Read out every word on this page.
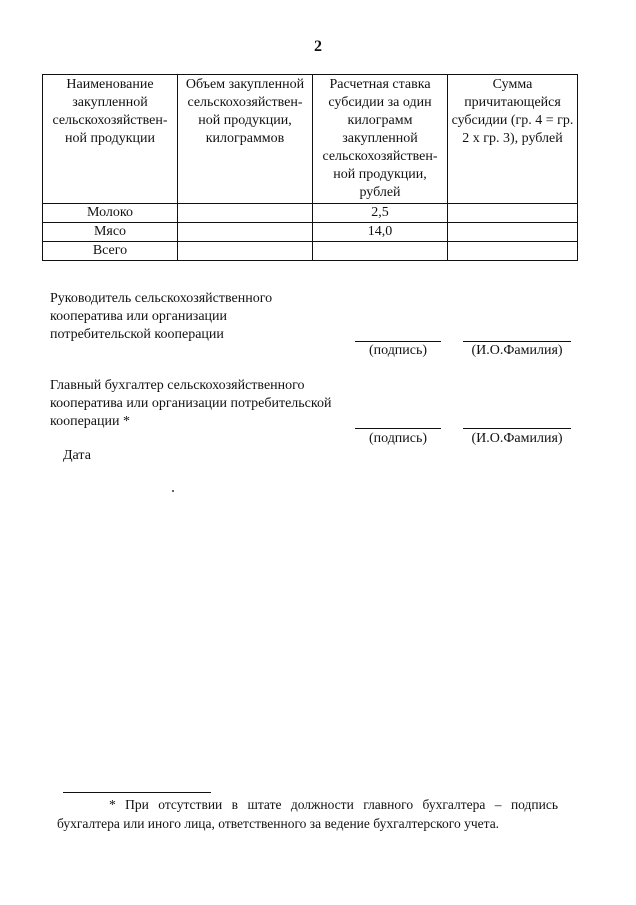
2
Наименование закупленной сельскохозяйствен-ной продукции	Объем закупленной сельскохозяйствен-ной продукции, килограммов	Расчетная ставка субсидии за один килограмм закупленной сельскохозяйствен-ной продукции, рублей	Сумма причитающейся субсидии (гр. 4 = гр. 2 х гр. 3), рублей
Молоко		2,5	
Мясо		14,0	
Всего			
Руководитель сельскохозяйственного кооператива или организации потребительской кооперации
(подпись)	(И.О.Фамилия)
Главный бухгалтер сельскохозяйственного кооператива или организации потребительской кооперации *
(подпись)	(И.О.Фамилия)
Дата
* При отсутствии в штате должности главного бухгалтера – подпись бухгалтера или иного лица, ответственного за ведение бухгалтерского учета.
